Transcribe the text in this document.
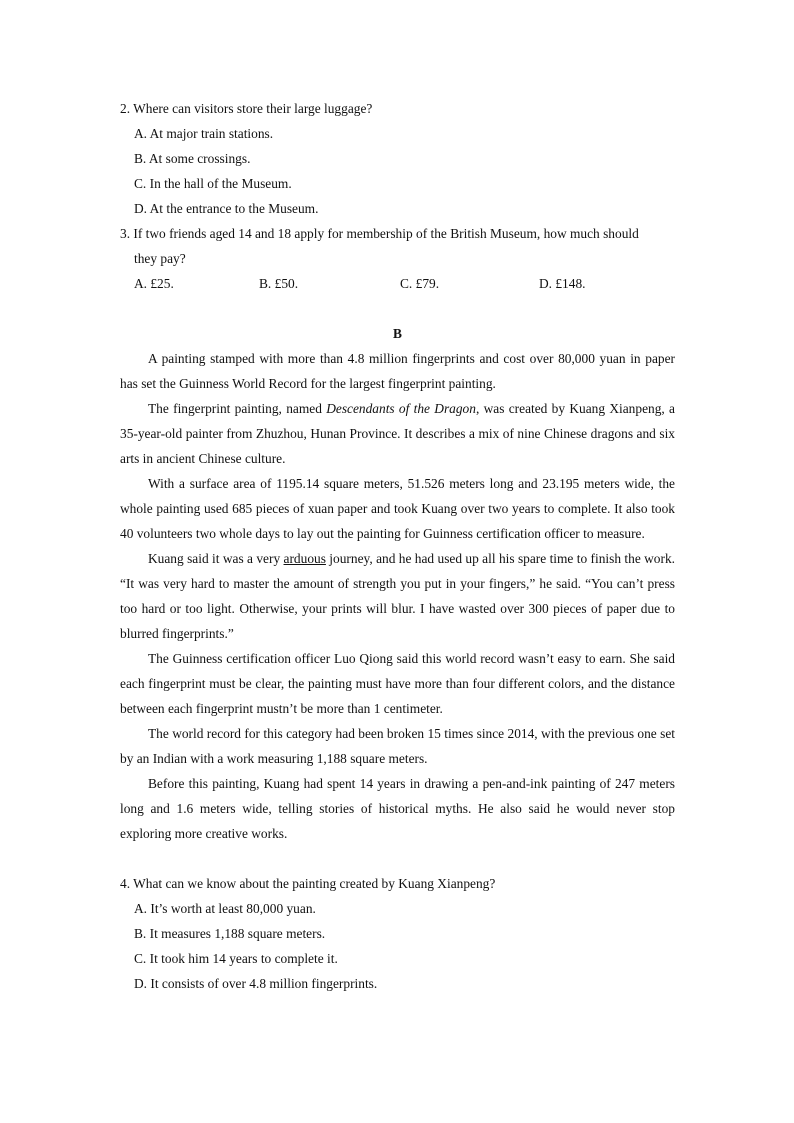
2. Where can visitors store their large luggage?
A. At major train stations.
B. At some crossings.
C. In the hall of the Museum.
D. At the entrance to the Museum.
3. If two friends aged 14 and 18 apply for membership of the British Museum, how much should
they pay?
A. £25.	B. £50.	C. £79.	D. £148.
B

A painting stamped with more than 4.8 million fingerprints and cost over 80,000 yuan in paper has set the Guinness World Record for the largest fingerprint painting.

The fingerprint painting, named Descendants of the Dragon, was created by Kuang Xianpeng, a 35-year-old painter from Zhuzhou, Hunan Province. It describes a mix of nine Chinese dragons and six arts in ancient Chinese culture.

With a surface area of 1195.14 square meters, 51.526 meters long and 23.195 meters wide, the whole painting used 685 pieces of xuan paper and took Kuang over two years to complete. It also took 40 volunteers two whole days to lay out the painting for Guinness certification officer to measure.

Kuang said it was a very arduous journey, and he had used up all his spare time to finish the work. “It was very hard to master the amount of strength you put in your fingers,” he said. “You can’t press too hard or too light. Otherwise, your prints will blur. I have wasted over 300 pieces of paper due to blurred fingerprints.”

The Guinness certification officer Luo Qiong said this world record wasn’t easy to earn. She said each fingerprint must be clear, the painting must have more than four different colors, and the distance between each fingerprint mustn’t be more than 1 centimeter.

The world record for this category had been broken 15 times since 2014, with the previous one set by an Indian with a work measuring 1,188 square meters.

Before this painting, Kuang had spent 14 years in drawing a pen-and-ink painting of 247 meters long and 1.6 meters wide, telling stories of historical myths. He also said he would never stop exploring more creative works.

4. What can we know about the painting created by Kuang Xianpeng?
A. It’s worth at least 80,000 yuan.
B. It measures 1,188 square meters.
C. It took him 14 years to complete it.
D. It consists of over 4.8 million fingerprints.
